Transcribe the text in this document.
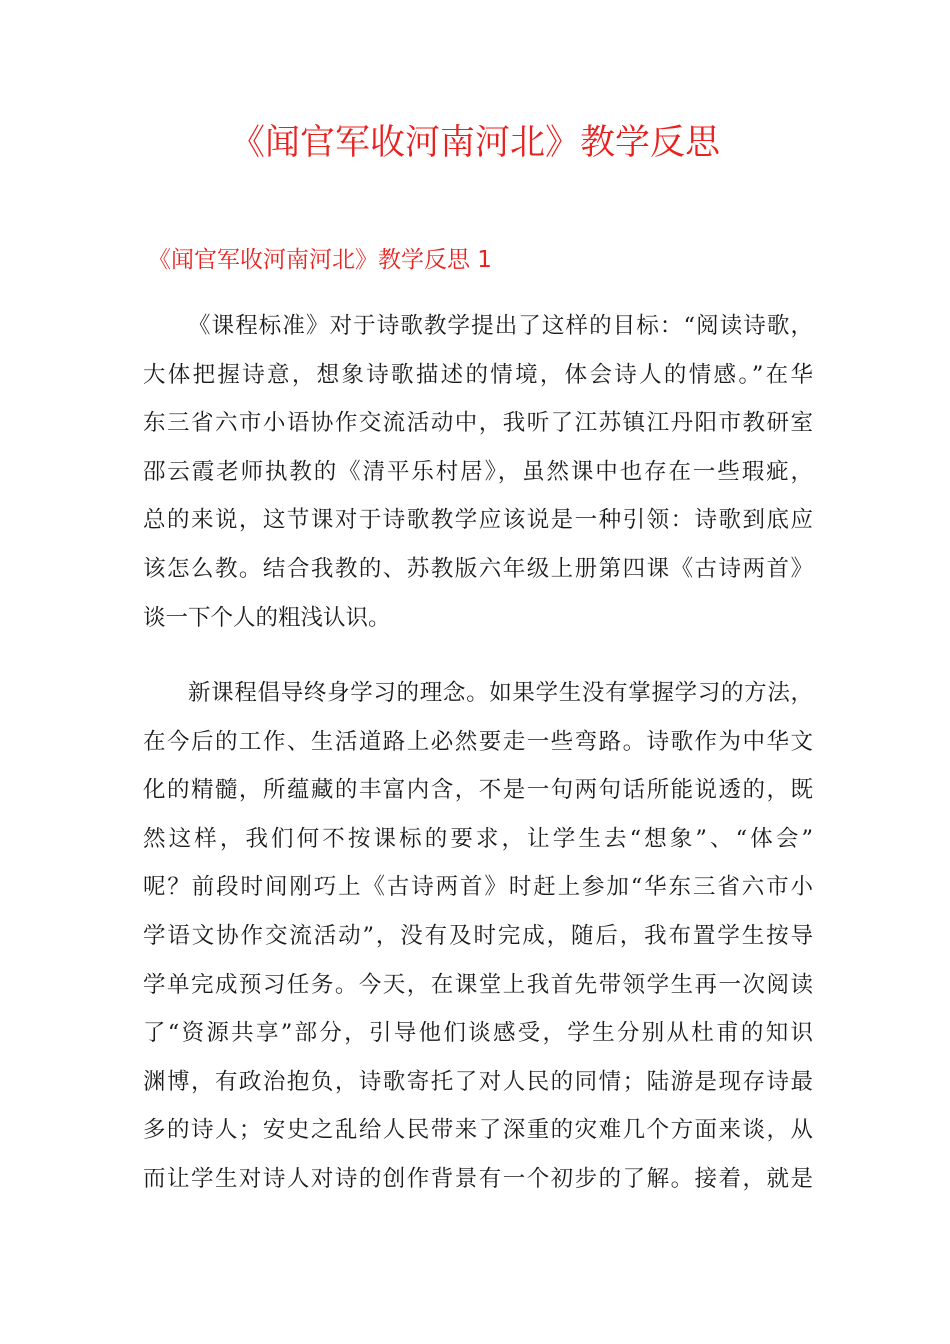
《闻官军收河南河北》教学反思
《闻官军收河南河北》教学反思 1
《课程标准》对于诗歌教学提出了这样的目标：“阅读诗歌，
大体把握诗意，想象诗歌描述的情境，体会诗人的情感。”在华
东三省六市小语协作交流活动中，我听了江苏镇江丹阳市教研室
邵云霞老师执教的《清平乐村居》，虽然课中也存在一些瑕疵，
总的来说，这节课对于诗歌教学应该说是一种引领：诗歌到底应
该怎么教。结合我教的、苏教版六年级上册第四课《古诗两首》
谈一下个人的粗浅认识。
新课程倡导终身学习的理念。如果学生没有掌握学习的方法，
在今后的工作、生活道路上必然要走一些弯路。诗歌作为中华文
化的精髓，所蕴藏的丰富内含，不是一句两句话所能说透的，既
然这样，我们何不按课标的要求，让学生去“想象”、“体会”
呢？前段时间刚巧上《古诗两首》时赶上参加“华东三省六市小
学语文协作交流活动”，没有及时完成，随后，我布置学生按导
学单完成预习任务。今天，在课堂上我首先带领学生再一次阅读
了“资源共享”部分，引导他们谈感受，学生分别从杜甫的知识
渊博，有政治抱负，诗歌寄托了对人民的同情；陆游是现存诗最
多的诗人；安史之乱给人民带来了深重的灾难几个方面来谈，从
而让学生对诗人对诗的创作背景有一个初步的了解。接着，就是
